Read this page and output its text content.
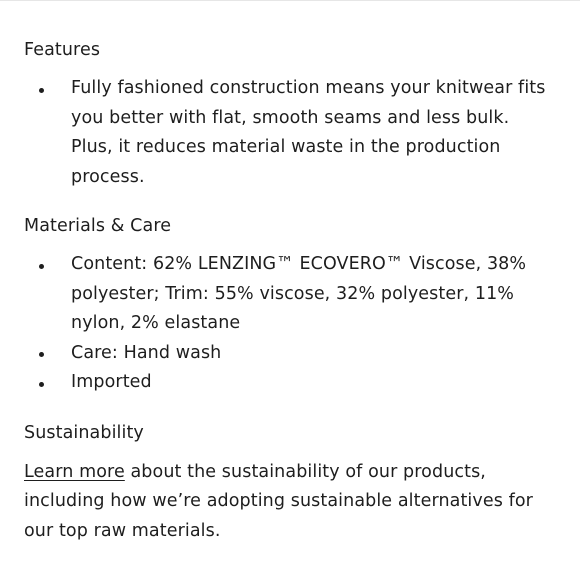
Features
Fully fashioned construction means your knitwear fits you better with flat, smooth seams and less bulk. Plus, it reduces material waste in the production process.
Materials & Care
Content: 62% LENZING™ ECOVERO™ Viscose, 38% polyester; Trim: 55% viscose, 32% polyester, 11% nylon, 2% elastane
Care: Hand wash
Imported
Sustainability

Learn more about the sustainability of our products, including how we’re adopting sustainable alternatives for our top raw materials.
